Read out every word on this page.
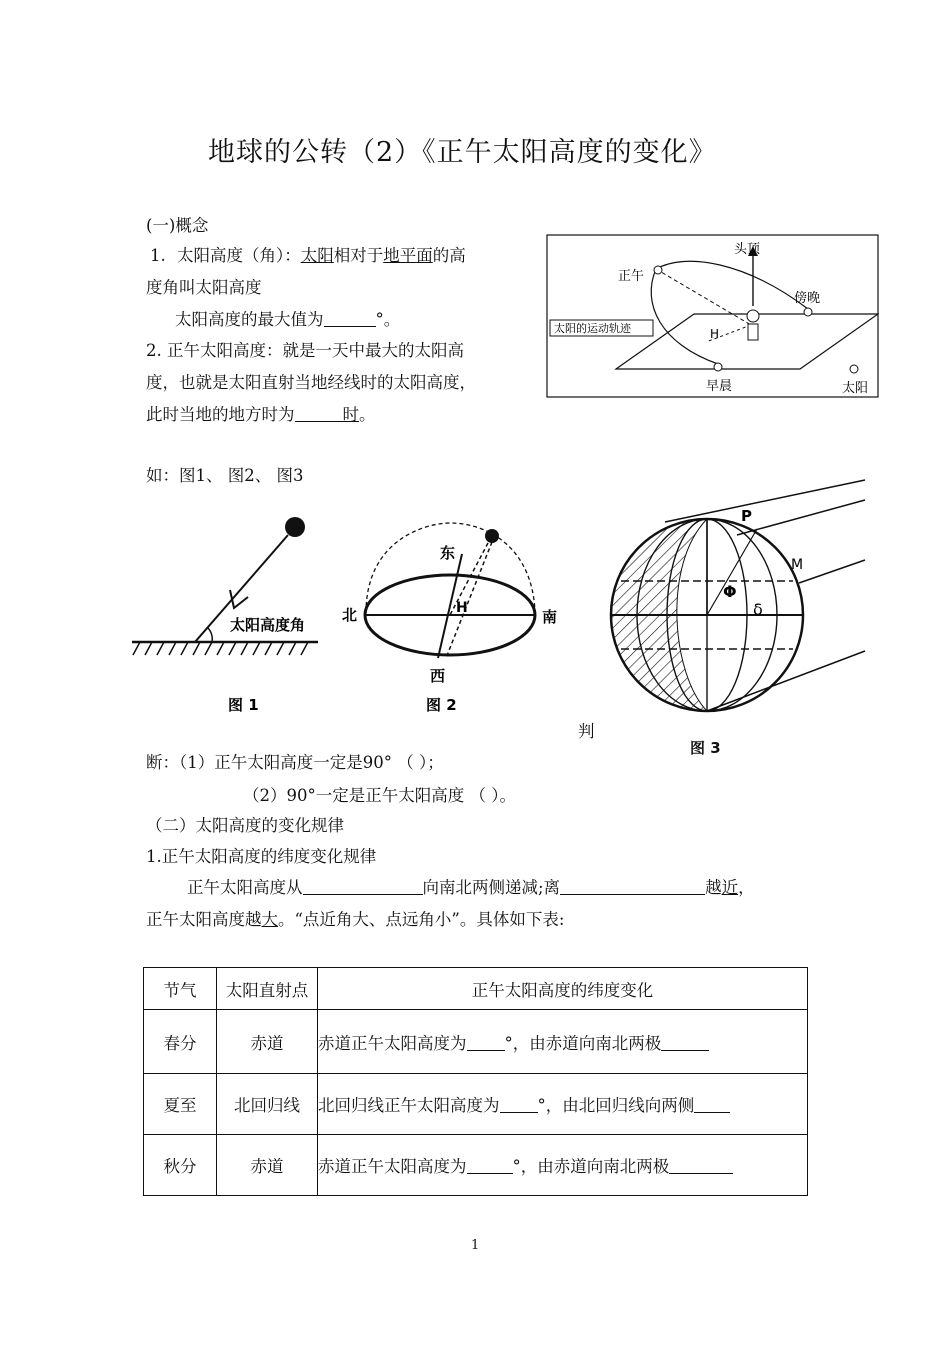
地球的公转（2）《正午太阳高度的变化》
(一)概念
1. 太阳高度（角）：太阳相对于地平面的高
度角叫太阳高度
太阳高度的最大值为	°。
2. 正午太阳高度：就是一天中最大的太阳高
度，也就是太阳直射当地经线时的太阳高度，
此时当地的地方时为	时。
头顶
正午
傍晚
太阳的运动轨迹	H
早晨	太阳
如：图1、 图2、 图3
太阳高度角
图 1
东
北	南
西
H
图 2
P
M
Φ
δ
图 3
判
断：（1）正午太阳高度一定是90° （ ）；
（2）90°一定是正午太阳高度 （ ）。
（二）太阳高度的变化规律
1.正午太阳高度的纬度变化规律
正午太阳高度从	向南北两侧递减;离	越近，
正午太阳高度越大。“点近角大、点远角小”。具体如下表:
节气	太阳直射点	正午太阳高度的纬度变化
春分	赤道	赤道正午太阳高度为 °，由赤道向南北两极
夏至	北回归线	北回归线正午太阳高度为 °，由北回归线向两侧
秋分	赤道	赤道正午太阳高度为 °，由赤道向南北两极
1
